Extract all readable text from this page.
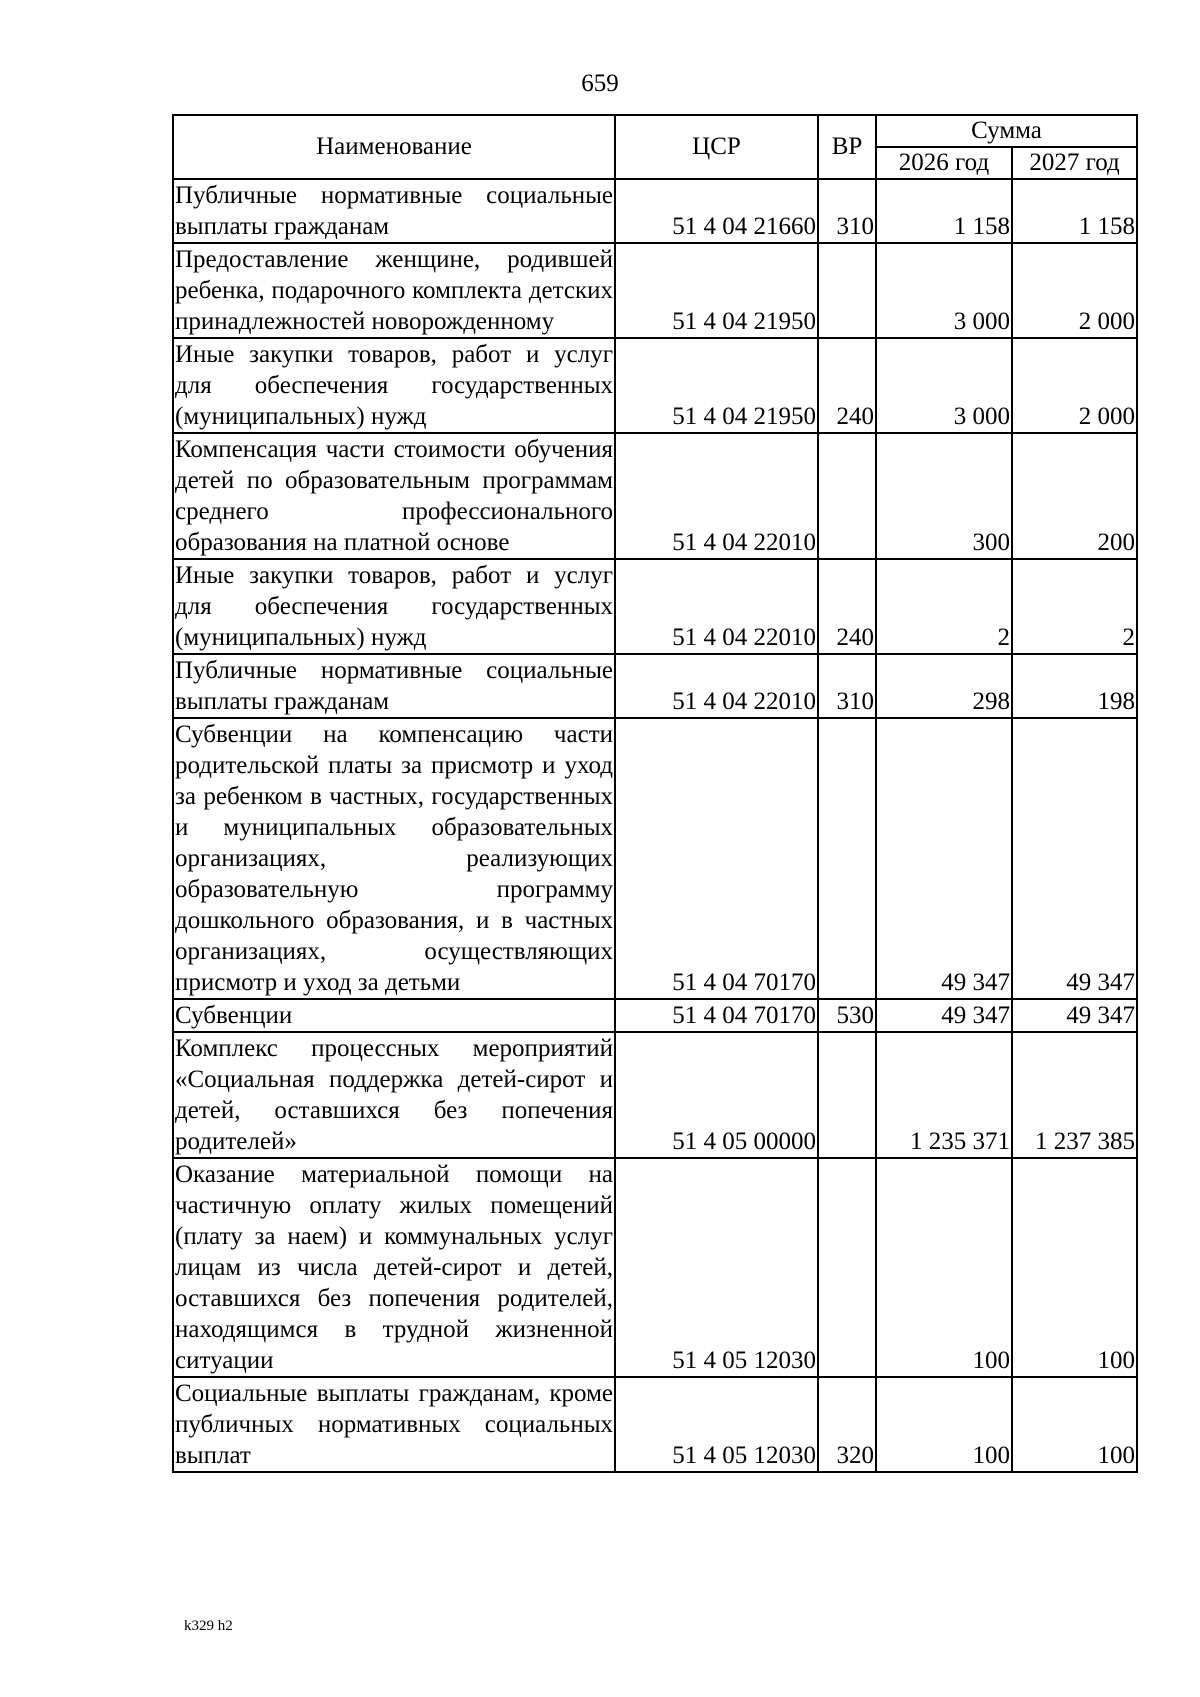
659
Наименование	ЦСР	ВР	Сумма	
			2026 год	2027 год
Публичные нормативные социальные выплаты гражданам	51 4 04 21660	310	1 158	1 158
Предоставление женщине, родившей ребенка, подарочного комплекта детских принадлежностей новорожденному	51 4 04 21950		3 000	2 000
Иные закупки товаров, работ и услуг для обеспечения государственных (муниципальных) нужд	51 4 04 21950	240	3 000	2 000
Компенсация части стоимости обучения детей по образовательным программам среднего профессионального образования на платной основе	51 4 04 22010		300	200
Иные закупки товаров, работ и услуг для обеспечения государственных (муниципальных) нужд	51 4 04 22010	240	2	2
Публичные нормативные социальные выплаты гражданам	51 4 04 22010	310	298	198
Субвенции на компенсацию части родительской платы за присмотр и уход за ребенком в частных, государственных и муниципальных образовательных организациях, реализующих образовательную программу дошкольного образования, и в частных организациях, осуществляющих присмотр и уход за детьми	51 4 04 70170		49 347	49 347
Субвенции	51 4 04 70170	530	49 347	49 347
Комплекс процессных мероприятий «Социальная поддержка детей-сирот и детей, оставшихся без попечения родителей»	51 4 05 00000		1 235 371	1 237 385
Оказание материальной помощи на частичную оплату жилых помещений (плату за наем) и коммунальных услуг лицам из числа детей-сирот и детей, оставшихся без попечения родителей, находящимся в трудной жизненной ситуации	51 4 05 12030		100	100
Социальные выплаты гражданам, кроме публичных нормативных социальных выплат	51 4 05 12030	320	100	100
k329 h2
